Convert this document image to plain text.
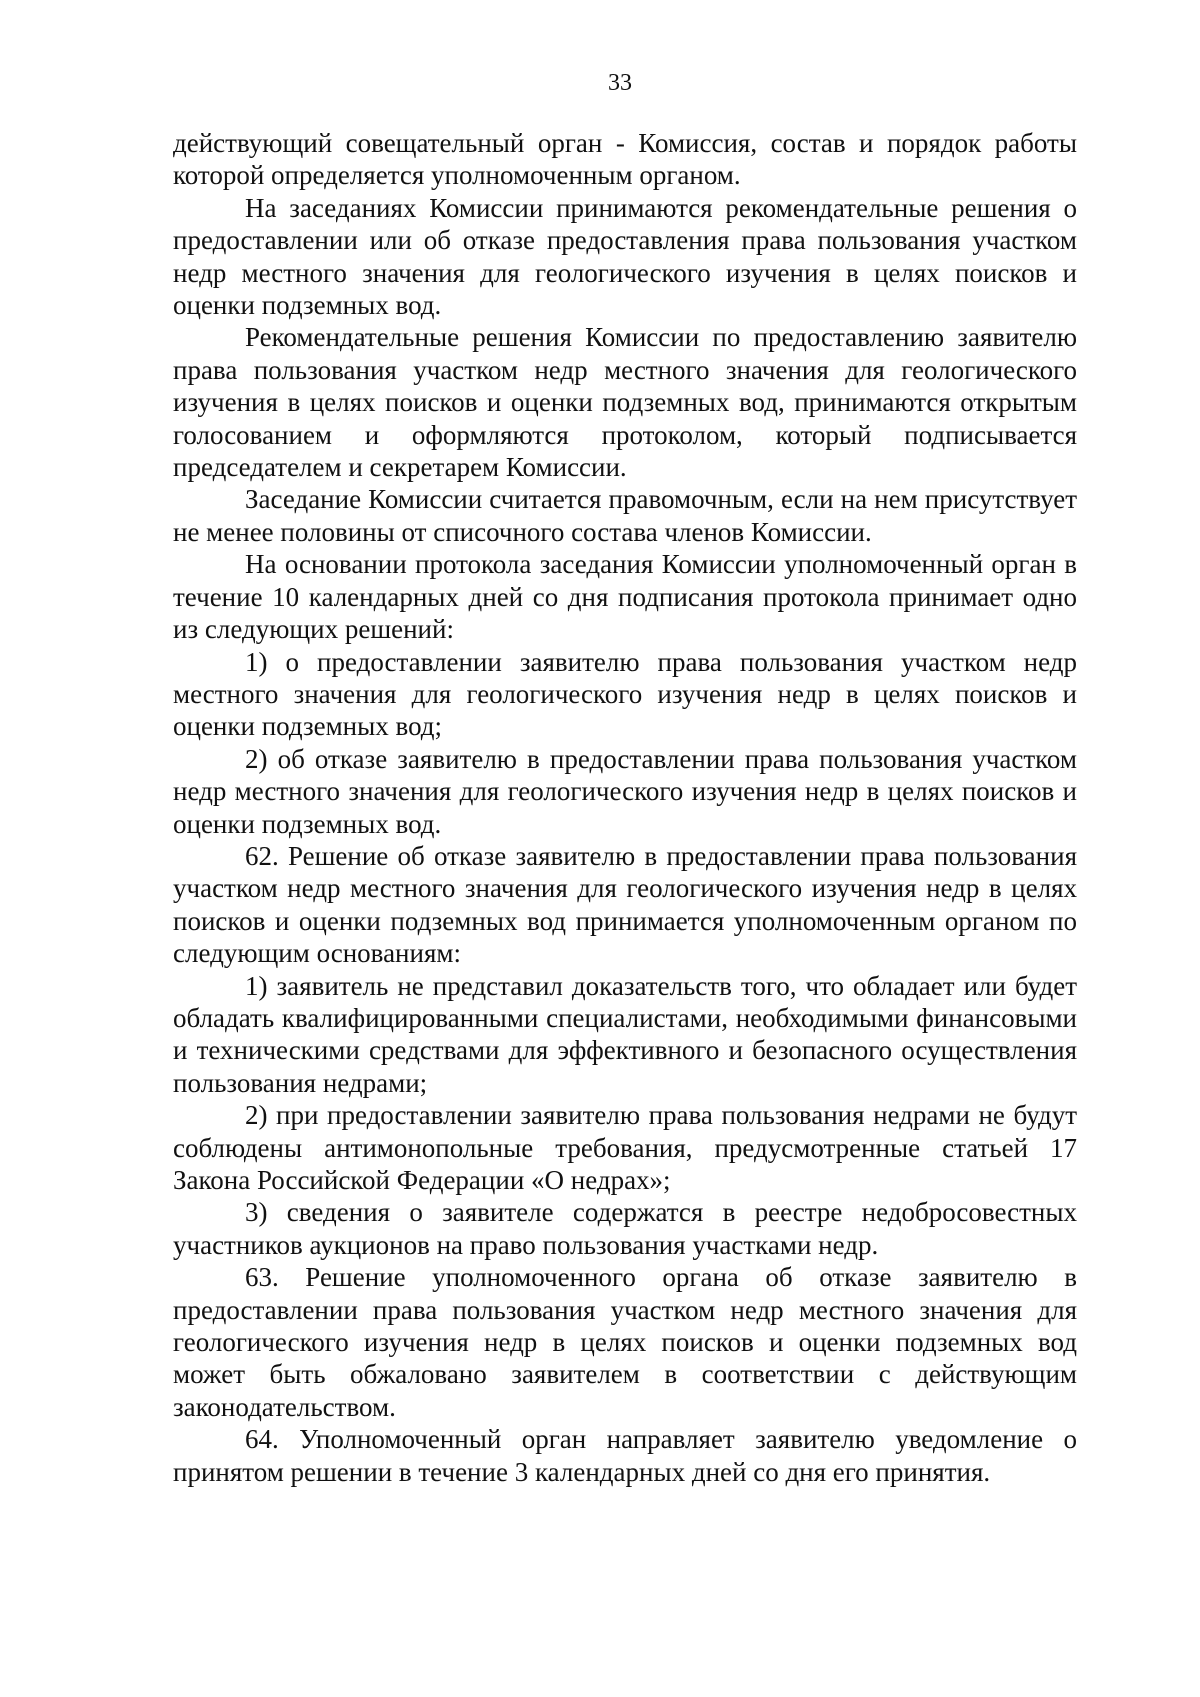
33

действующий совещательный орган - Комиссия, состав и порядок работы которой определяется уполномоченным органом.

На заседаниях Комиссии принимаются рекомендательные решения о предоставлении или об отказе предоставления права пользования участком недр местного значения для геологического изучения в целях поисков и оценки подземных вод.

Рекомендательные решения Комиссии по предоставлению заявителю права пользования участком недр местного значения для геологического изучения в целях поисков и оценки подземных вод, принимаются открытым голосованием и оформляются протоколом, который подписывается председателем и секретарем Комиссии.

Заседание Комиссии считается правомочным, если на нем присутствует не менее половины от списочного состава членов Комиссии.

На основании протокола заседания Комиссии уполномоченный орган в течение 10 календарных дней со дня подписания протокола принимает одно из следующих решений:

1) о предоставлении заявителю права пользования участком недр местного значения для геологического изучения недр в целях поисков и оценки подземных вод;

2) об отказе заявителю в предоставлении права пользования участком недр местного значения для геологического изучения недр в целях поисков и оценки подземных вод.

62. Решение об отказе заявителю в предоставлении права пользования участком недр местного значения для геологического изучения недр в целях поисков и оценки подземных вод принимается уполномоченным органом по следующим основаниям:

1) заявитель не представил доказательств того, что обладает или будет обладать квалифицированными специалистами, необходимыми финансовыми и техническими средствами для эффективного и безопасного осуществления пользования недрами;

2) при предоставлении заявителю права пользования недрами не будут соблюдены антимонопольные требования, предусмотренные статьей 17 Закона Российской Федерации «О недрах»;

3) сведения о заявителе содержатся в реестре недобросовестных участников аукционов на право пользования участками недр.

63. Решение уполномоченного органа об отказе заявителю в предоставлении права пользования участком недр местного значения для геологического изучения недр в целях поисков и оценки подземных вод может быть обжаловано заявителем в соответствии с действующим законодательством.

64. Уполномоченный орган направляет заявителю уведомление о принятом решении в течение 3 календарных дней со дня его принятия.
